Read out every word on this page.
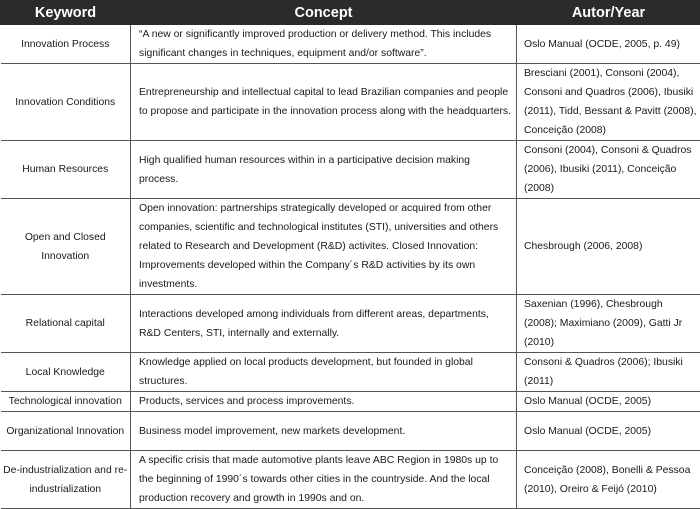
Keyword	Concept	Autor/Year
Innovation Process	“A new or significantly improved production or delivery method. This includes significant changes in techniques, equipment and/or software”.	Oslo Manual (OCDE, 2005, p. 49)
Innovation Conditions	Entrepreneurship and intellectual capital to lead Brazilian companies and people to propose and participate in the innovation process along with the headquarters.	Bresciani (2001), Consoni (2004), Consoni and Quadros (2006), Ibusiki (2011), Tidd, Bessant & Pavitt (2008), Conceição (2008)
Human Resources	High qualified human resources within in a participative decision making process.	Consoni (2004), Consoni & Quadros (2006), Ibusiki (2011), Conceição (2008)
Open and Closed Innovation	Open innovation: partnerships strategically developed or acquired from other companies, scientific and technological institutes (STI), universities and others related to Research and Development (R&D) activites. Closed Innovation: Improvements developed within the Company´s R&D activities by its own investments.	Chesbrough (2006, 2008)
Relational capital	Interactions developed among individuals from different areas, departments, R&D Centers, STI, internally and externally.	Saxenian (1996), Chesbrough (2008); Maximiano (2009), Gatti Jr (2010)
Local Knowledge	Knowledge applied on local products development, but founded in global structures.	Consoni & Quadros (2006); Ibusiki (2011)
Technological innovation	Products, services and process improvements.	Oslo Manual (OCDE, 2005)
Organizational Innovation	Business model improvement, new markets development.	Oslo Manual (OCDE, 2005)
De-industrialization and re-industrialization	A specific crisis that made automotive plants leave ABC Region in 1980s up to the beginning of 1990´s towards other cities in the countryside. And the local production recovery and growth in 1990s and on.	Conceição (2008), Bonelli & Pessoa (2010), Oreiro & Feijó (2010)
